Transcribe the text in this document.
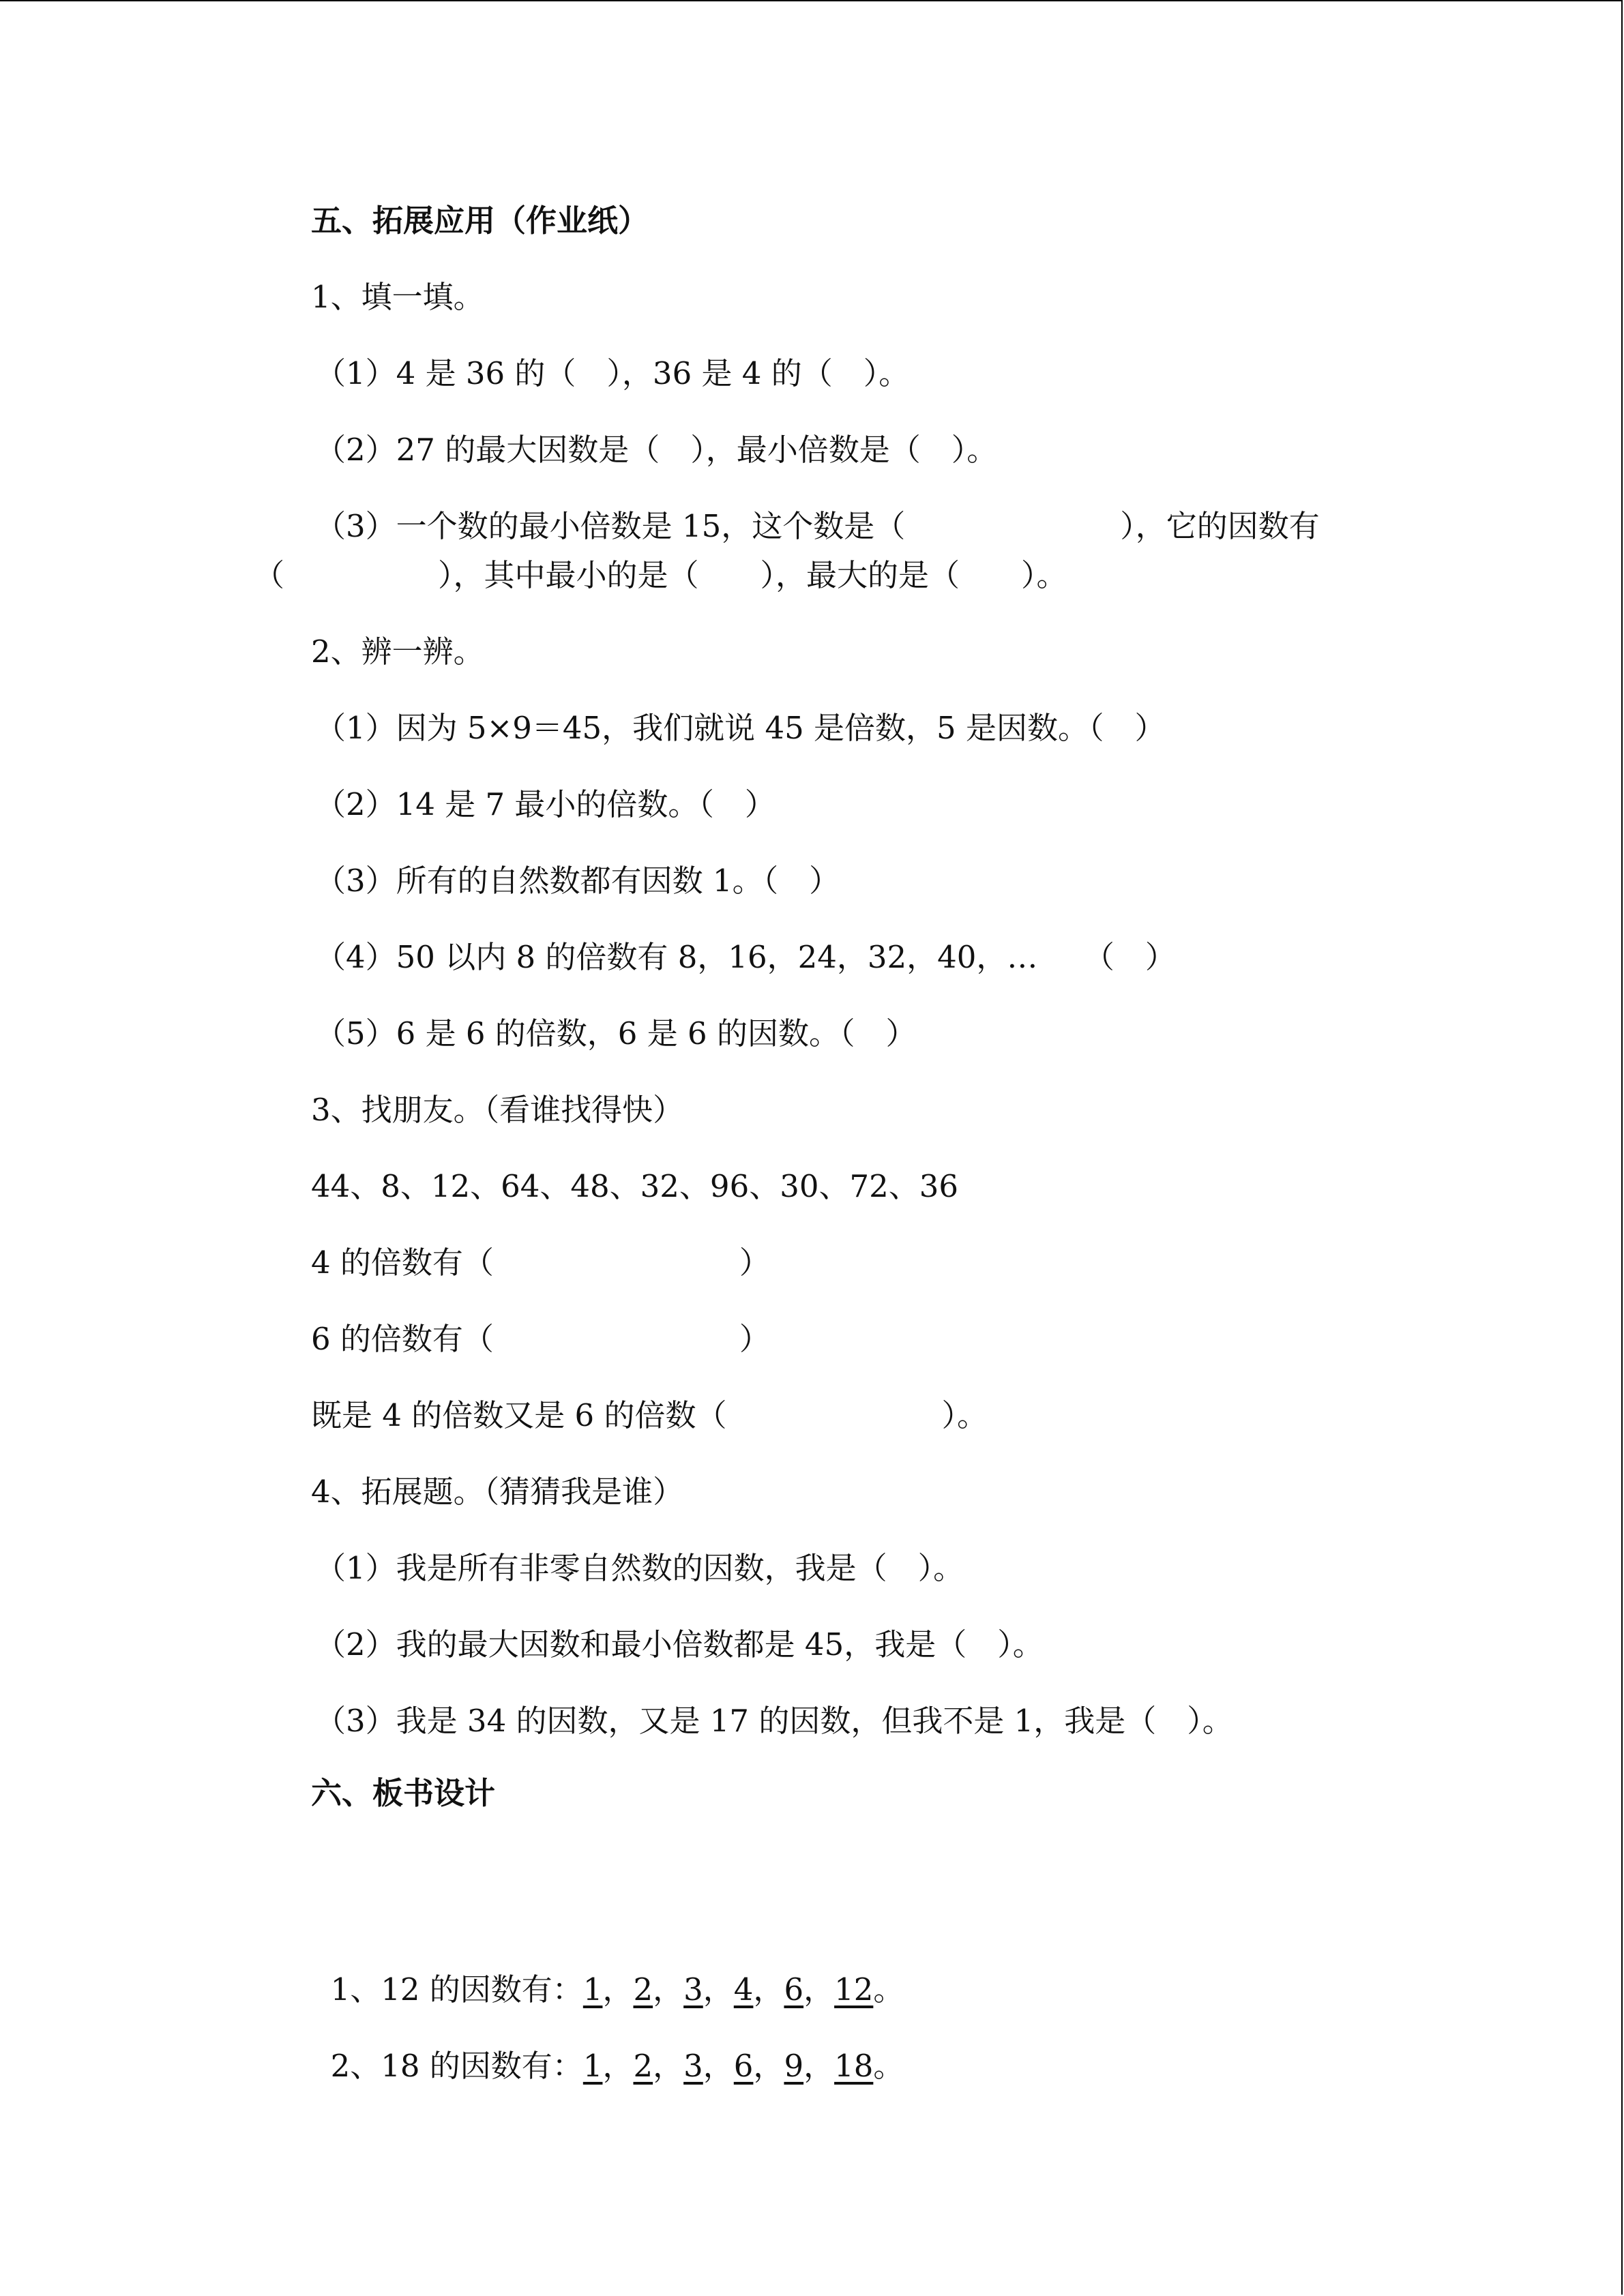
五、拓展应用（作业纸）
1、填一填。
（1）4 是 36 的（　），36 是 4 的（　）。
（2）27 的最大因数是（　），最小倍数是（　）。
（3）一个数的最小倍数是 15，这个数是（　　　　　　　），它的因数有
（　　　　　），其中最小的是（　　），最大的是（　　）。
2、辨一辨。
（1）因为 5×9＝45，我们就说 45 是倍数，5 是因数。（　）
（2）14 是 7 最小的倍数。（　）
（3）所有的自然数都有因数 1。（　）
（4）50 以内 8 的倍数有 8，16，24，32，40，…　　（　）
（5）6 是 6 的倍数，6 是 6 的因数。（　）
3、找朋友。（看谁找得快）
44、8、12、64、48、32、96、30、72、36
4 的倍数有（　　　　　　　　）
6 的倍数有（　　　　　　　　）
既是 4 的倍数又是 6 的倍数（　　　　　　　）。
4、拓展题。（猜猜我是谁）
（1）我是所有非零自然数的因数，我是（　）。
（2）我的最大因数和最小倍数都是 45，我是（　）。
（3）我是 34 的因数，又是 17 的因数，但我不是 1，我是（　）。
六、板书设计

1、12 的因数有：1，2，3，4，6，12。

2、18 的因数有：1，2，3，6，9，18。
